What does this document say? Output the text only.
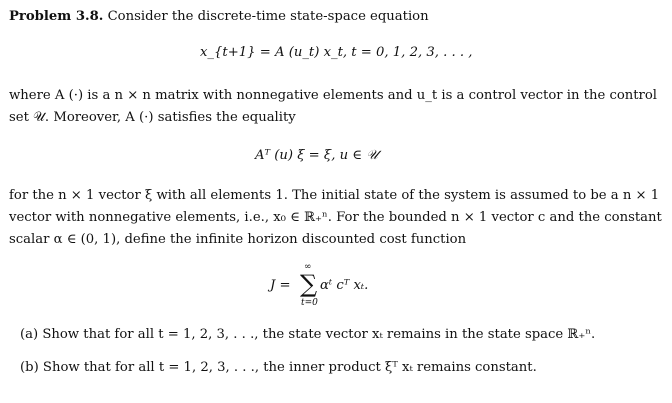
Problem 3.8. Consider the discrete-time state-space equation
x_{t+1} = A (u_t) x_t, t = 0, 1, 2, 3, . . . ,
where A (·) is a n × n matrix with nonnegative elements and u_t is a control vector in the control
set 𝒰. Moreover, A (·) satisfies the equality
Aᵀ (u) ξ = ξ, u ∈ 𝒰
for the n × 1 vector ξ with all elements 1. The initial state of the system is assumed to be a n × 1
vector with nonnegative elements, i.e., x₀ ∈ ℝ₊ⁿ. For the bounded n × 1 vector c and the constant
scalar α ∈ (0, 1), define the infinite horizon discounted cost function
J =
∞
∑
t=0
αᵗ cᵀ xₜ.
(a) Show that for all t = 1, 2, 3, . . ., the state vector xₜ remains in the state space ℝ₊ⁿ.
(b) Show that for all t = 1, 2, 3, . . ., the inner product ξᵀ xₜ remains constant.
